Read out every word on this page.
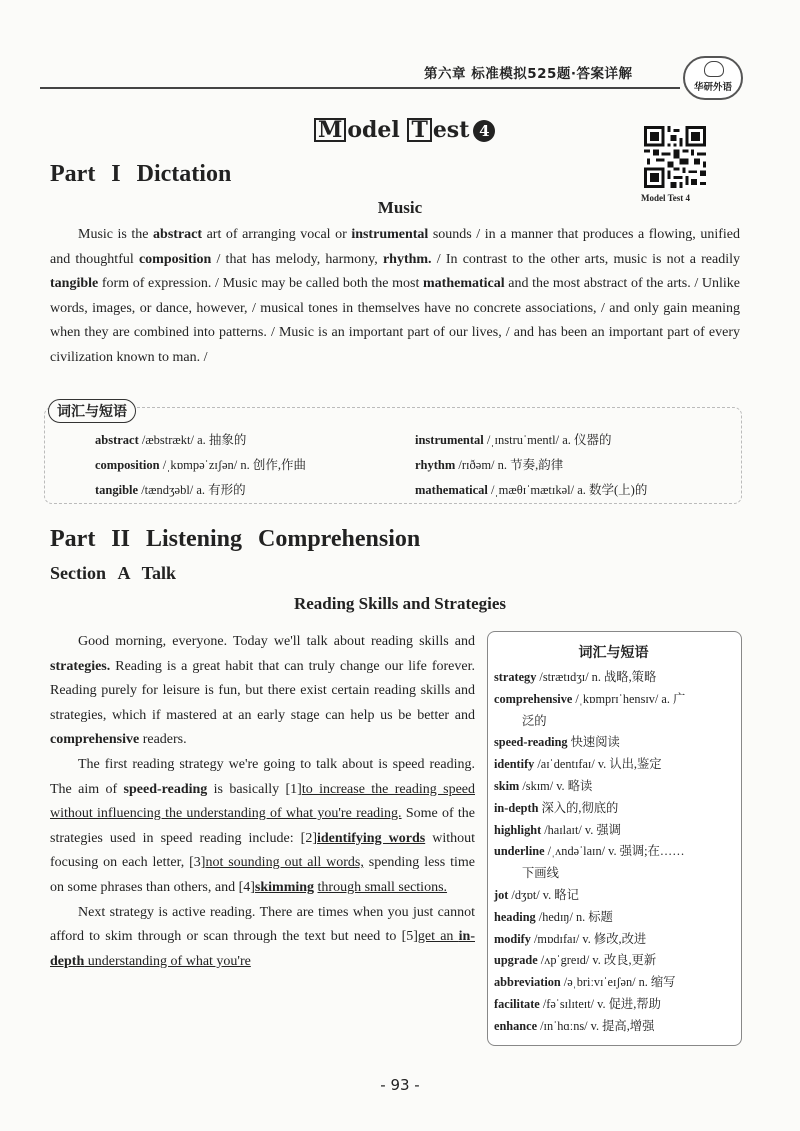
第六章 标准模拟525题·答案详解
华研外语
M odel T est 4
Model Test 4
Part I Dictation
Music

Music is the abstract art of arranging vocal or instrumental sounds / in a manner that produces a flowing, unified and thoughtful composition / that has melody, harmony, rhythm. / In contrast to the other arts, music is not a readily tangible form of expression. / Music may be called both the most mathematical and the most abstract of the arts. / Unlike words, images, or dance, however, / musical tones in themselves have no concrete associations, / and only gain meaning when they are combined into patterns. / Music is an important part of our lives, / and has been an important part of every civilization known to man. /

词汇与短语
abstract /æbstrækt/ a. 抽象的	instrumental /ˌɪnstruˈmentl/ a. 仪器的
composition /ˌkɒmpəˈzɪʃən/ n. 创作,作曲	rhythm /rɪðəm/ n. 节奏,韵律
tangible /tændʒəbl/ a. 有形的	mathematical /ˌmæθɪˈmætɪkəl/ a. 数学(上)的
Part II Listening Comprehension
Section A Talk
Reading Skills and Strategies

Good morning, everyone. Today we'll talk about reading skills and strategies. Reading is a great habit that can truly change our life forever. Reading purely for leisure is fun, but there exist certain reading skills and strategies, which if mastered at an early stage can help us be better and comprehensive readers.

The first reading strategy we're going to talk about is speed reading. The aim of speed-reading is basically [1]to increase the reading speed without influencing the understanding of what you're reading. Some of the strategies used in speed reading include: [2]identifying words without focusing on each letter, [3]not sounding out all words, spending less time on some phrases than others, and [4]skimming through small sections.

Next strategy is active reading. There are times when you just cannot afford to skim through or scan through the text but need to [5]get an in-depth understanding of what you're

词汇与短语
strategy /strætɪdʒɪ/ n. 战略,策略
comprehensive /ˌkɒmprɪˈhensɪv/ a. 广
泛的
speed-reading 快速阅读
identify /aɪˈdentɪfaɪ/ v. 认出,鉴定
skim /skɪm/ v. 略读
in-depth 深入的,彻底的
highlight /haɪlaɪt/ v. 强调
underline /ˌʌndəˈlaɪn/ v. 强调;在……
下画线
jot /dʒɒt/ v. 略记
heading /hedɪŋ/ n. 标题
modify /mɒdɪfaɪ/ v. 修改,改进
upgrade /ʌpˈgreɪd/ v. 改良,更新
abbreviation /əˌbriːvɪˈeɪʃən/ n. 缩写
facilitate /fəˈsɪlɪteɪt/ v. 促进,帮助
enhance /ɪnˈhɑːns/ v. 提高,增强
- 93 -
